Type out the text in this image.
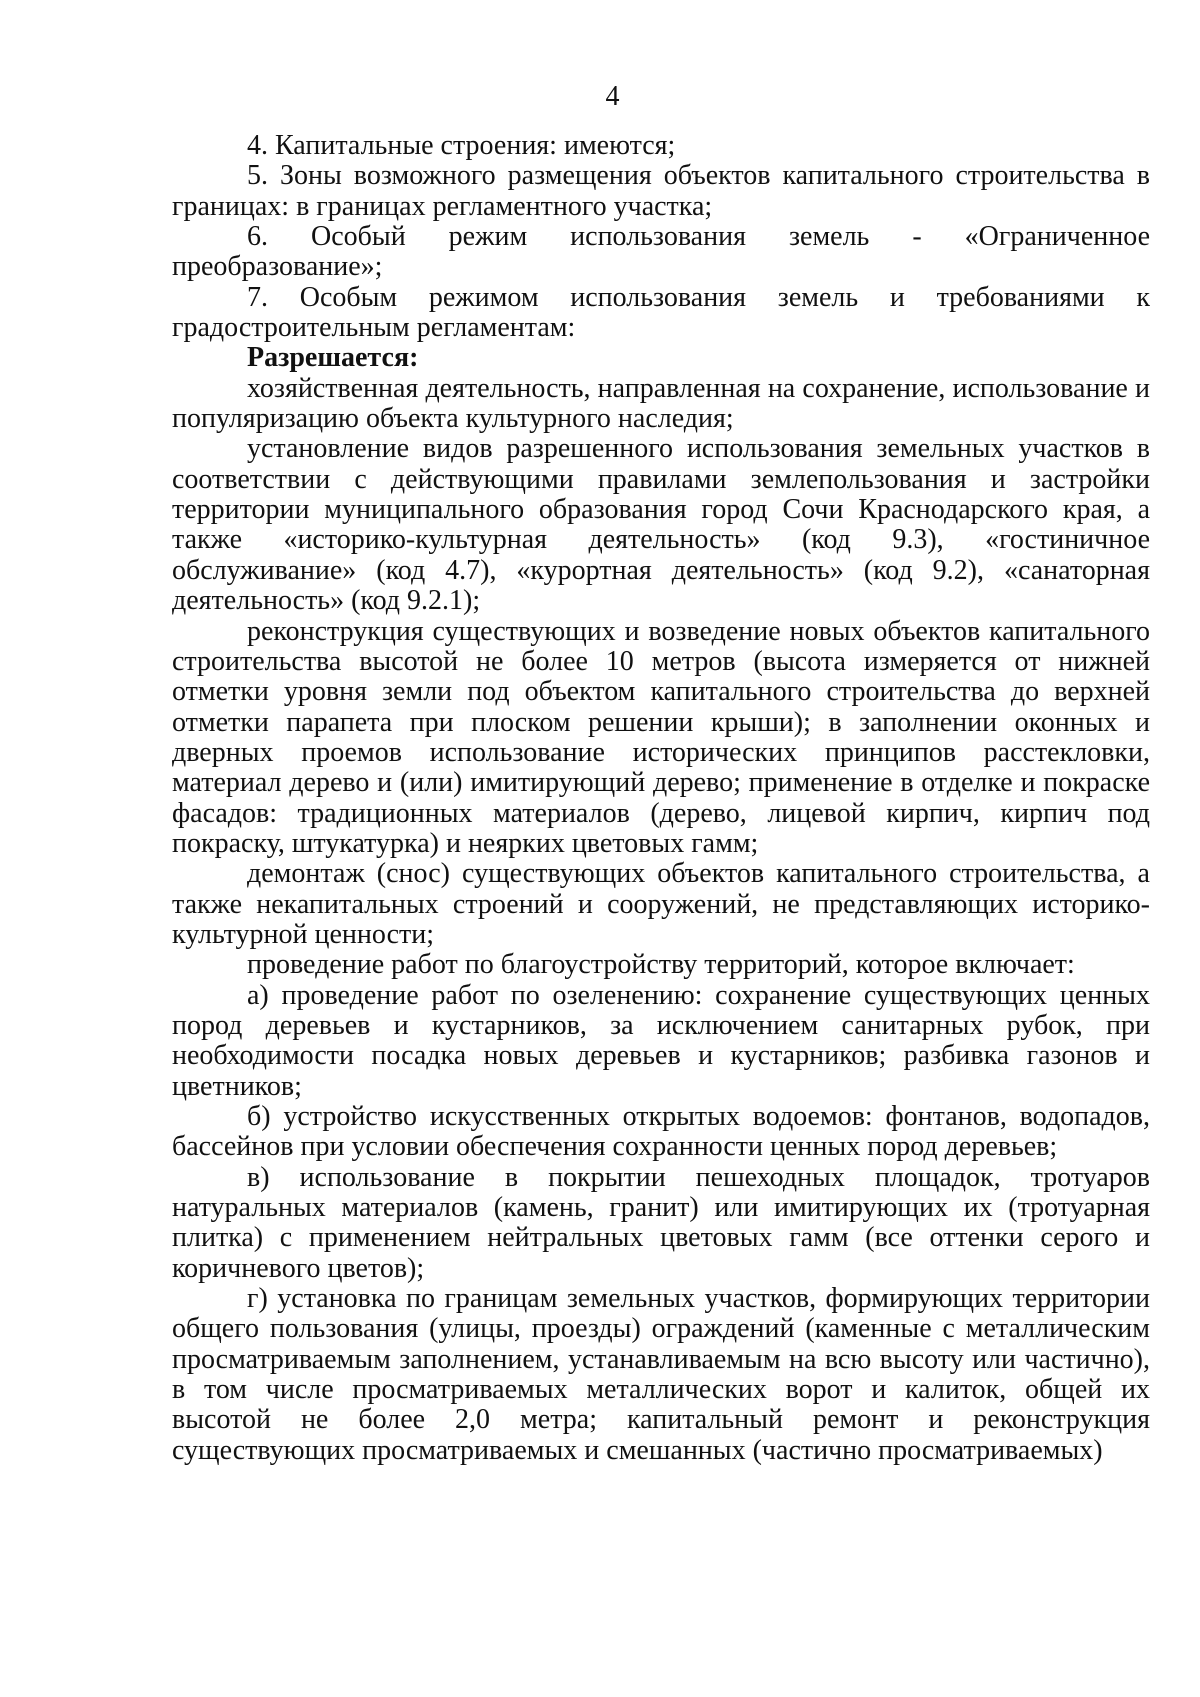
4

4. Капитальные строения: имеются;

5. Зоны возможного размещения объектов капитального строительства в границах: в границах регламентного участка;

6. Особый режим использования земель - «Ограниченное преобразование»;

7. Особым режимом использования земель и требованиями к градостроительным регламентам:

Разрешается:

хозяйственная деятельность, направленная на сохранение, использование и популяризацию объекта культурного наследия;

установление видов разрешенного использования земельных участков в соответствии с действующими правилами землепользования и застройки территории муниципального образования город Сочи Краснодарского края, а также «историко-культурная деятельность» (код 9.3), «гостиничное обслуживание» (код 4.7), «курортная деятельность» (код 9.2), «санаторная деятельность» (код 9.2.1);

реконструкция существующих и возведение новых объектов капитального строительства высотой не более 10 метров (высота измеряется от нижней отметки уровня земли под объектом капитального строительства до верхней отметки парапета при плоском решении крыши); в заполнении оконных и дверных проемов использование исторических принципов расстекловки, материал дерево и (или) имитирующий дерево; применение в отделке и покраске фасадов: традиционных материалов (дерево, лицевой кирпич, кирпич под покраску, штукатурка) и неярких цветовых гамм;

демонтаж (снос) существующих объектов капитального строительства, а также некапитальных строений и сооружений, не представляющих историко-культурной ценности;

проведение работ по благоустройству территорий, которое включает:

а) проведение работ по озеленению: сохранение существующих ценных пород деревьев и кустарников, за исключением санитарных рубок, при необходимости посадка новых деревьев и кустарников; разбивка газонов и цветников;

б) устройство искусственных открытых водоемов: фонтанов, водопадов, бассейнов при условии обеспечения сохранности ценных пород деревьев;

в) использование в покрытии пешеходных площадок, тротуаров натуральных материалов (камень, гранит) или имитирующих их (тротуарная плитка) с применением нейтральных цветовых гамм (все оттенки серого и коричневого цветов);

г) установка по границам земельных участков, формирующих территории общего пользования (улицы, проезды) ограждений (каменные с металлическим просматриваемым заполнением, устанавливаемым на всю высоту или частично), в том числе просматриваемых металлических ворот и калиток, общей их высотой не более 2,0 метра; капитальный ремонт и реконструкция существующих просматриваемых и смешанных (частично просматриваемых)
